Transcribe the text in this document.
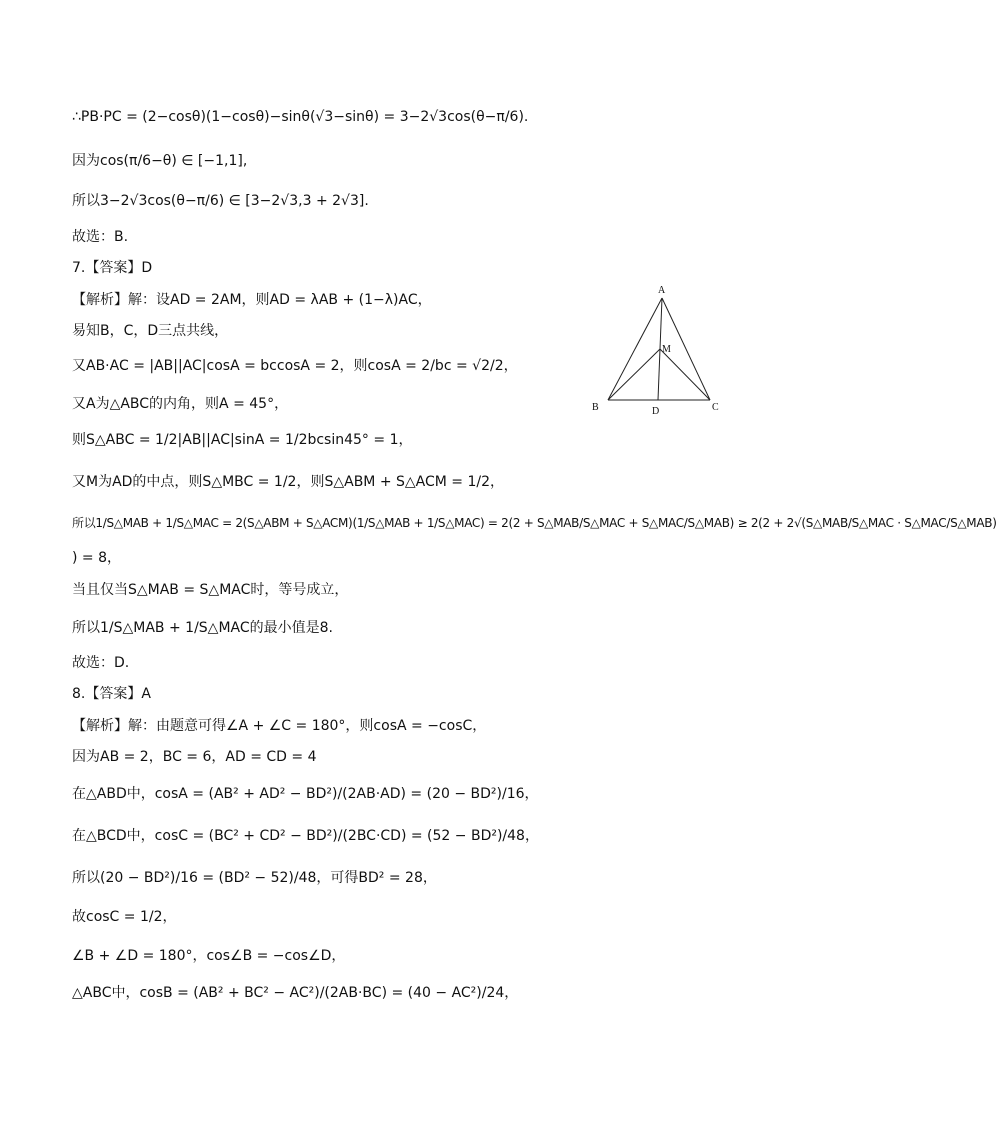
∴PB·PC = (2−cosθ)(1−cosθ)−sinθ(√3−sinθ) = 3−2√3cos(θ−π/6).
因为cos(π/6−θ) ∈ [−1,1],
所以3−2√3cos(θ−π/6) ∈ [3−2√3,3 + 2√3].
故选：B.
7.【答案】D
【解析】解：设AD = 2AM，则AD = λAB + (1−λ)AC，
易知B，C，D三点共线，
又AB·AC = |AB||AC|cosA = bccosA = 2，则cosA = 2/bc = √2/2，
又A为△ABC的内角，则A = 45°，
则S△ABC = 1/2|AB||AC|sinA = 1/2bcsin45° = 1，
又M为AD的中点，则S△MBC = 1/2，则S△ABM + S△ACM = 1/2，
所以1/S△MAB + 1/S△MAC = 2(S△ABM + S△ACM)(1/S△MAB + 1/S△MAC) = 2(2 + S△MAB/S△MAC + S△MAC/S△MAB) ≥ 2(2 + 2√(S△MAB/S△MAC · S△MAC/S△MAB)
) = 8，
当且仅当S△MAB = S△MAC时，等号成立，
所以1/S△MAB + 1/S△MAC的最小值是8.
故选：D.
8.【答案】A
【解析】解：由题意可得∠A + ∠C = 180°，则cosA = −cosC，
因为AB = 2，BC = 6，AD = CD = 4
在△ABD中，cosA = (AB² + AD² − BD²)/(2AB·AD) = (20 − BD²)/16，
在△BCD中，cosC = (BC² + CD² − BD²)/(2BC·CD) = (52 − BD²)/48，
所以(20 − BD²)/16 = (BD² − 52)/48，可得BD² = 28，
故cosC = 1/2，
∠B + ∠D = 180°，cos∠B = −cos∠D，
△ABC中，cosB = (AB² + BC² − AC²)/(2AB·BC) = (40 − AC²)/24，
A
B	C
D
M
